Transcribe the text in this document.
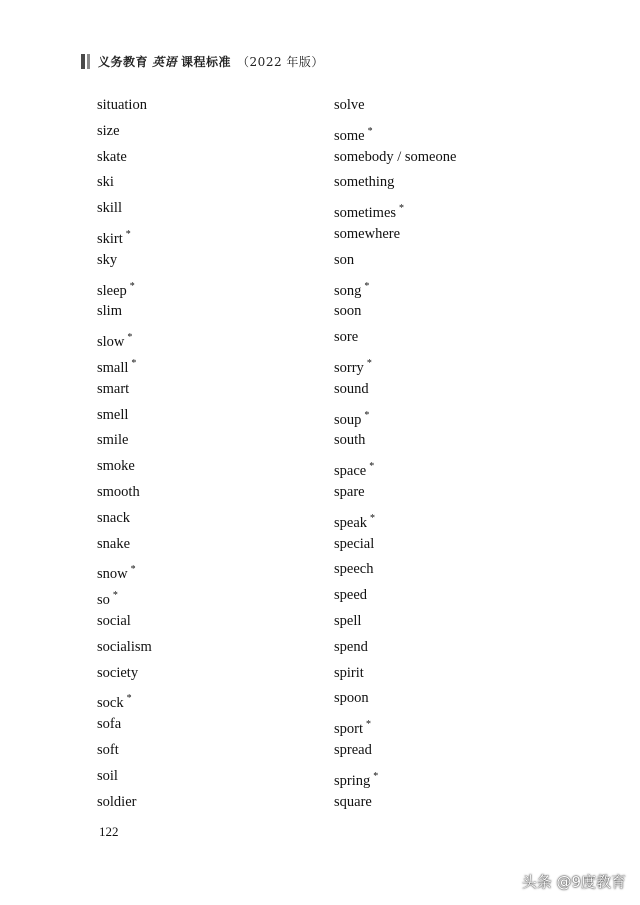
义务教育 英语 课程标准 （2022 年版）
situation
size
skate
ski
skill
skirt *
sky
sleep *
slim
slow *
small *
smart
smell
smile
smoke
smooth
snack
snake
snow *
so *
social
socialism
society
sock *
sofa
soft
soil
soldier
solve
some *
somebody / someone
something
sometimes *
somewhere
son
song *
soon
sore
sorry *
sound
soup *
south
space *
spare
speak *
special
speech
speed
spell
spend
spirit
spoon
sport *
spread
spring *
square
122
头条 @9度教育
